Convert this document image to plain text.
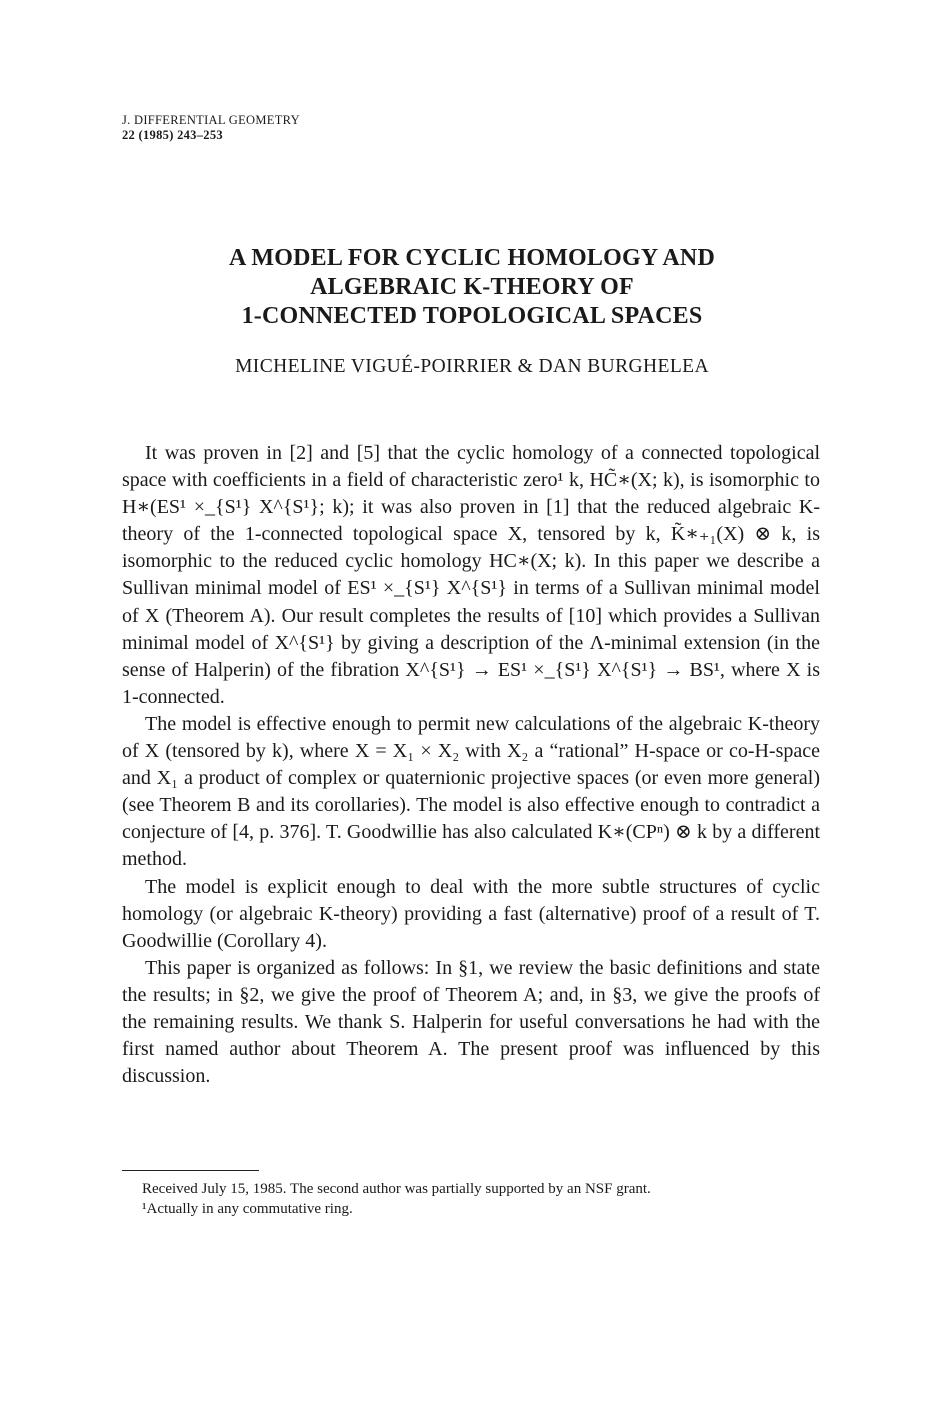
J. DIFFERENTIAL GEOMETRY
22 (1985) 243–253
A MODEL FOR CYCLIC HOMOLOGY AND
ALGEBRAIC K-THEORY OF
1-CONNECTED TOPOLOGICAL SPACES
MICHELINE VIGUÉ-POIRRIER & DAN BURGHELEA

It was proven in [2] and [5] that the cyclic homology of a connected topological space with coefficients in a field of characteristic zero¹ k, HC̃∗(X; k), is isomorphic to H∗(ES¹ ×_{S¹} X^{S¹}; k); it was also proven in [1] that the reduced algebraic K-theory of the 1-connected topological space X, tensored by k, K̃∗₊₁(X) ⊗ k, is isomorphic to the reduced cyclic homology HC∗(X; k). In this paper we describe a Sullivan minimal model of ES¹ ×_{S¹} X^{S¹} in terms of a Sullivan minimal model of X (Theorem A). Our result completes the results of [10] which provides a Sullivan minimal model of X^{S¹} by giving a description of the Λ-minimal extension (in the sense of Halperin) of the fibration X^{S¹} → ES¹ ×_{S¹} X^{S¹} → BS¹, where X is 1-connected.

The model is effective enough to permit new calculations of the algebraic K-theory of X (tensored by k), where X = X₁ × X₂ with X₂ a “rational” H-space or co-H-space and X₁ a product of complex or quaternionic projective spaces (or even more general) (see Theorem B and its corollaries). The model is also effective enough to contradict a conjecture of [4, p. 376]. T. Goodwillie has also calculated K∗(CPⁿ) ⊗ k by a different method.

The model is explicit enough to deal with the more subtle structures of cyclic homology (or algebraic K-theory) providing a fast (alternative) proof of a result of T. Goodwillie (Corollary 4).

This paper is organized as follows: In §1, we review the basic definitions and state the results; in §2, we give the proof of Theorem A; and, in §3, we give the proofs of the remaining results. We thank S. Halperin for useful conversations he had with the first named author about Theorem A. The present proof was influenced by this discussion.

Received July 15, 1985. The second author was partially supported by an NSF grant.
¹Actually in any commutative ring.
